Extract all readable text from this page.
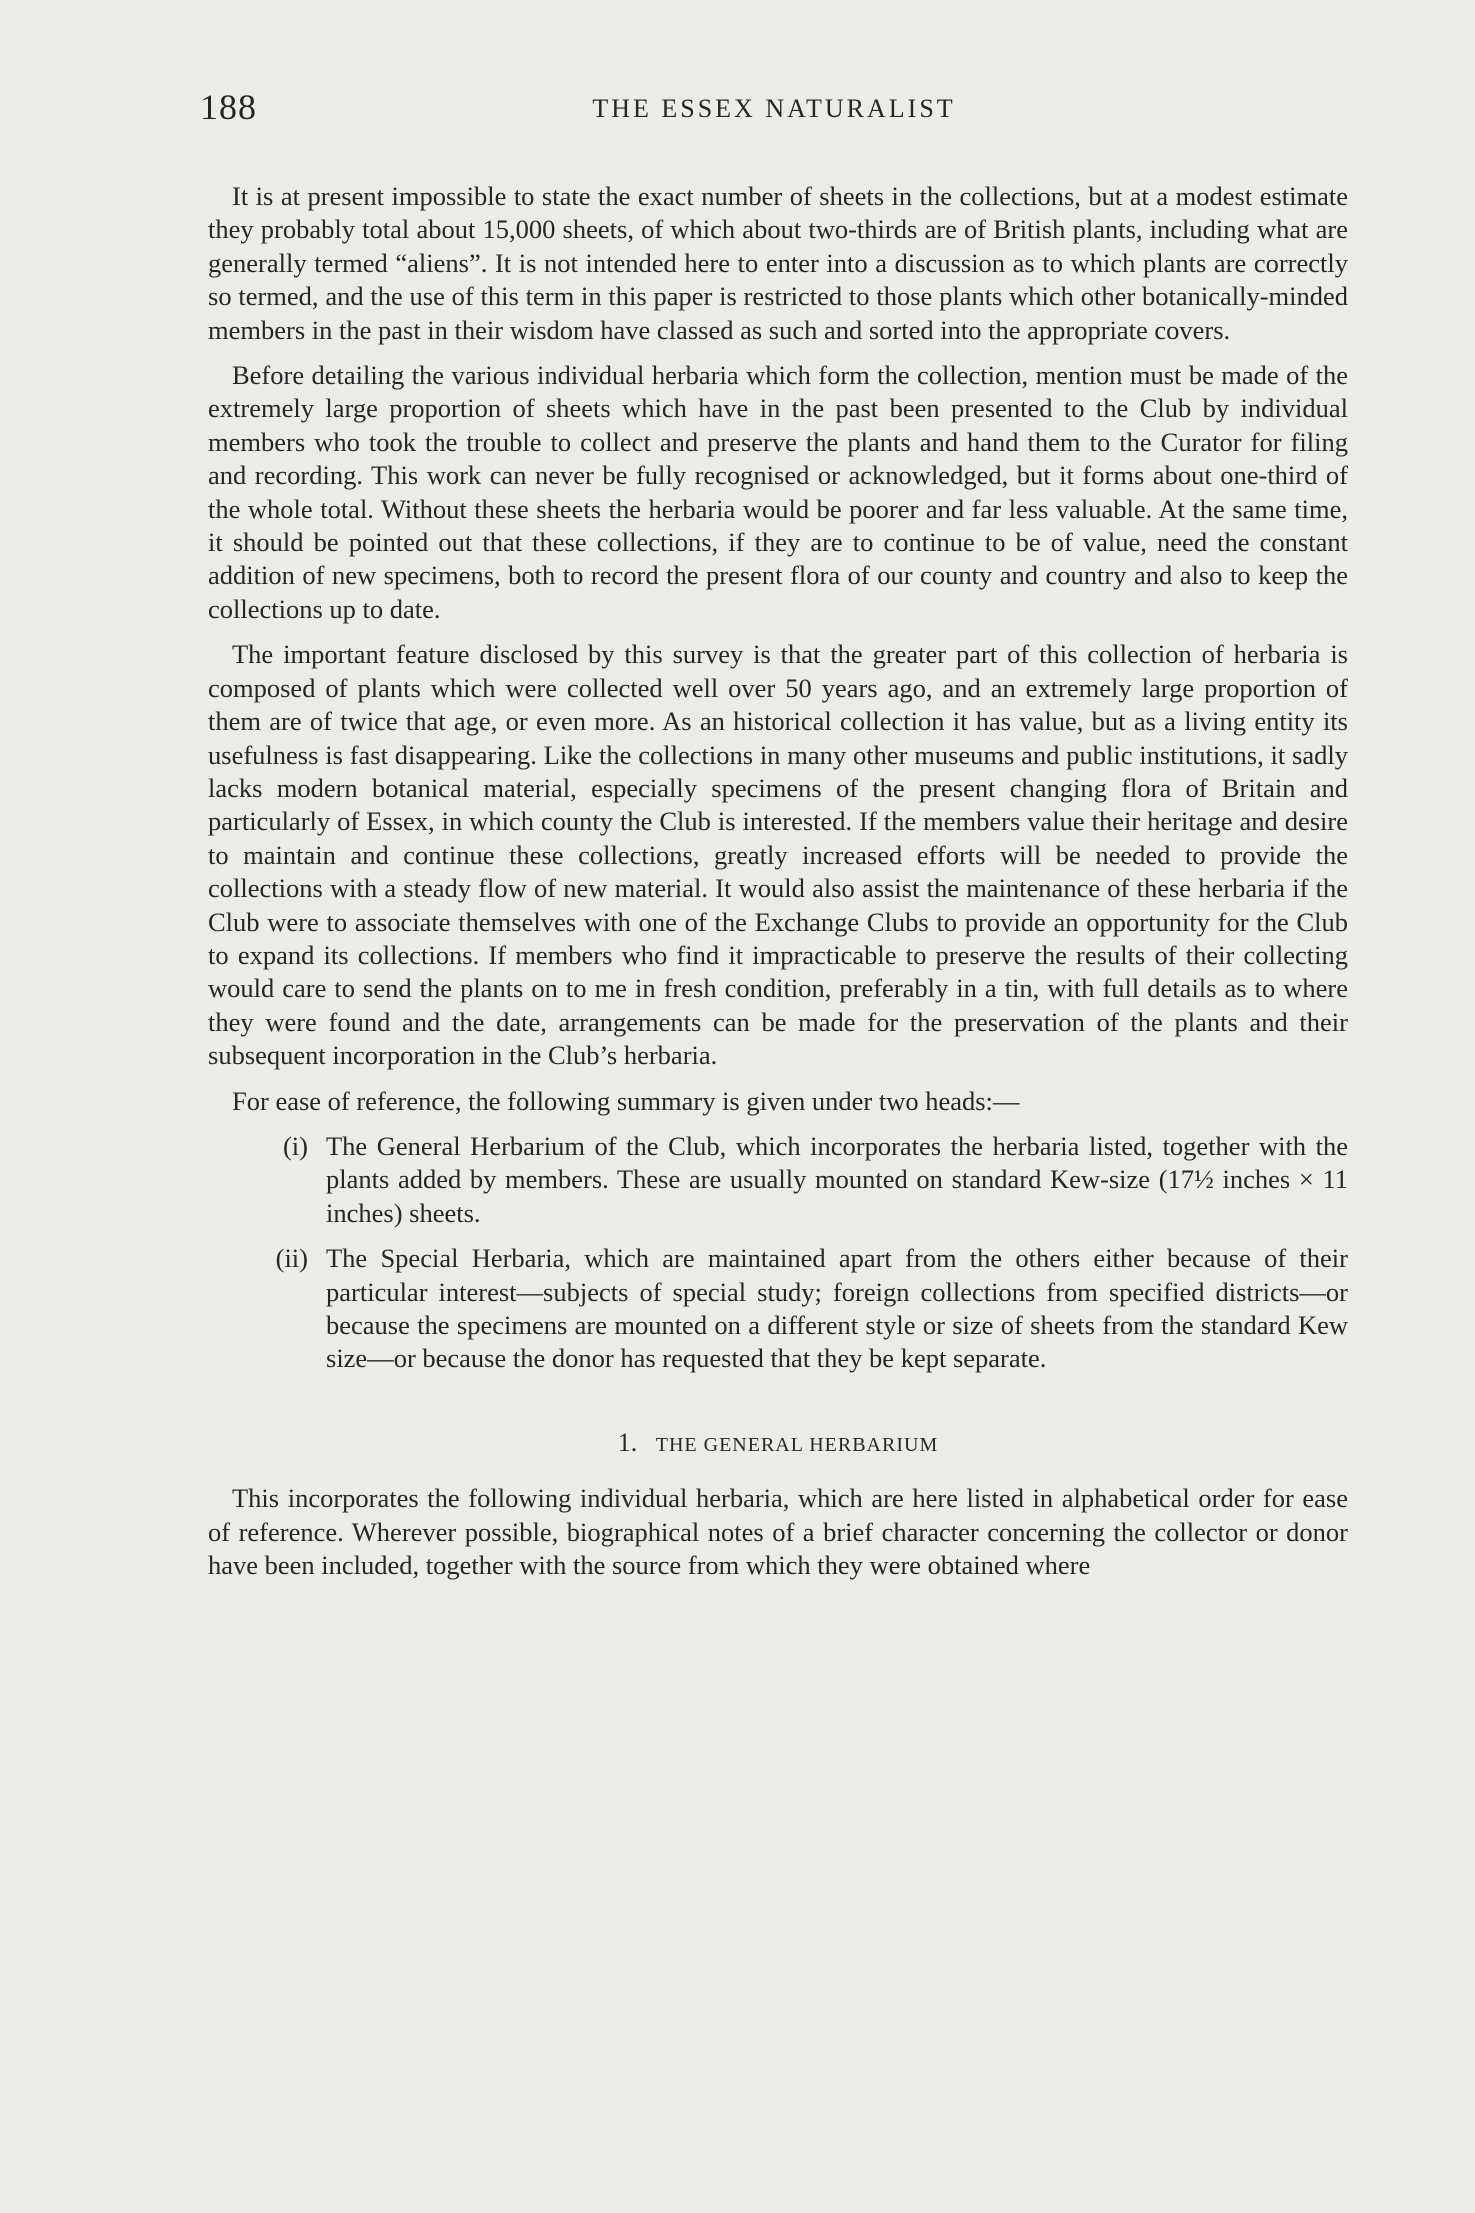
188	THE ESSEX NATURALIST

It is at present impossible to state the exact number of sheets in the collections, but at a modest estimate they probably total about 15,000 sheets, of which about two-thirds are of British plants, including what are generally termed “aliens”. It is not intended here to enter into a discussion as to which plants are correctly so termed, and the use of this term in this paper is restricted to those plants which other botanically-minded members in the past in their wisdom have classed as such and sorted into the appropriate covers.

Before detailing the various individual herbaria which form the collection, mention must be made of the extremely large proportion of sheets which have in the past been presented to the Club by individual members who took the trouble to collect and preserve the plants and hand them to the Curator for filing and recording. This work can never be fully recognised or acknowledged, but it forms about one-third of the whole total. Without these sheets the herbaria would be poorer and far less valuable. At the same time, it should be pointed out that these collections, if they are to continue to be of value, need the constant addition of new specimens, both to record the present flora of our county and country and also to keep the collections up to date.

The important feature disclosed by this survey is that the greater part of this collection of herbaria is composed of plants which were collected well over 50 years ago, and an extremely large proportion of them are of twice that age, or even more. As an historical collection it has value, but as a living entity its usefulness is fast disappearing. Like the collections in many other museums and public institutions, it sadly lacks modern botanical material, especially specimens of the present changing flora of Britain and particularly of Essex, in which county the Club is interested. If the members value their heritage and desire to maintain and continue these collections, greatly increased efforts will be needed to provide the collections with a steady flow of new material. It would also assist the maintenance of these herbaria if the Club were to associate themselves with one of the Exchange Clubs to provide an opportunity for the Club to expand its collections. If members who find it impracticable to preserve the results of their collecting would care to send the plants on to me in fresh condition, preferably in a tin, with full details as to where they were found and the date, arrangements can be made for the preservation of the plants and their subsequent incorporation in the Club’s herbaria.

For ease of reference, the following summary is given under two heads:—

(i) The General Herbarium of the Club, which incorporates the herbaria listed, together with the plants added by members. These are usually mounted on standard Kew-size (17½ inches × 11 inches) sheets.
(ii) The Special Herbaria, which are maintained apart from the others either because of their particular interest—subjects of special study; foreign collections from specified districts—or because the specimens are mounted on a different style or size of sheets from the standard Kew size—or because the donor has requested that they be kept separate.
1. THE GENERAL HERBARIUM

This incorporates the following individual herbaria, which are here listed in alphabetical order for ease of reference. Wherever possible, biographical notes of a brief character concerning the collector or donor have been included, together with the source from which they were obtained where
